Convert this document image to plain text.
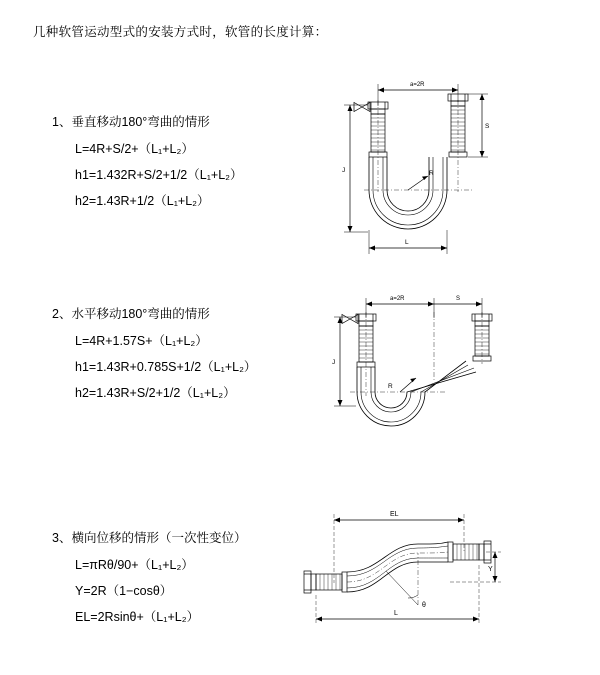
几种软管运动型式的安装方式时，软管的长度计算：
1、垂直移动180°弯曲的情形
L=4R+S/2+（L₁+L₂）
h1=1.432R+S/2+1/2（L₁+L₂）
h2=1.43R+1/2（L₁+L₂）
a=2R
R
S
J
L
2、水平移动180°弯曲的情形
L=4R+1.57S+（L₁+L₂）
h1=1.43R+0.785S+1/2（L₁+L₂）
h2=1.43R+S/2+1/2（L₁+L₂）
a=2R	S
R
J
3、横向位移的情形（一次性变位）
L=πRθ/90+（L₁+L₂）
Y=2R（1−cosθ）
EL=2Rsinθ+（L₁+L₂）
EL
θ
Y
L
